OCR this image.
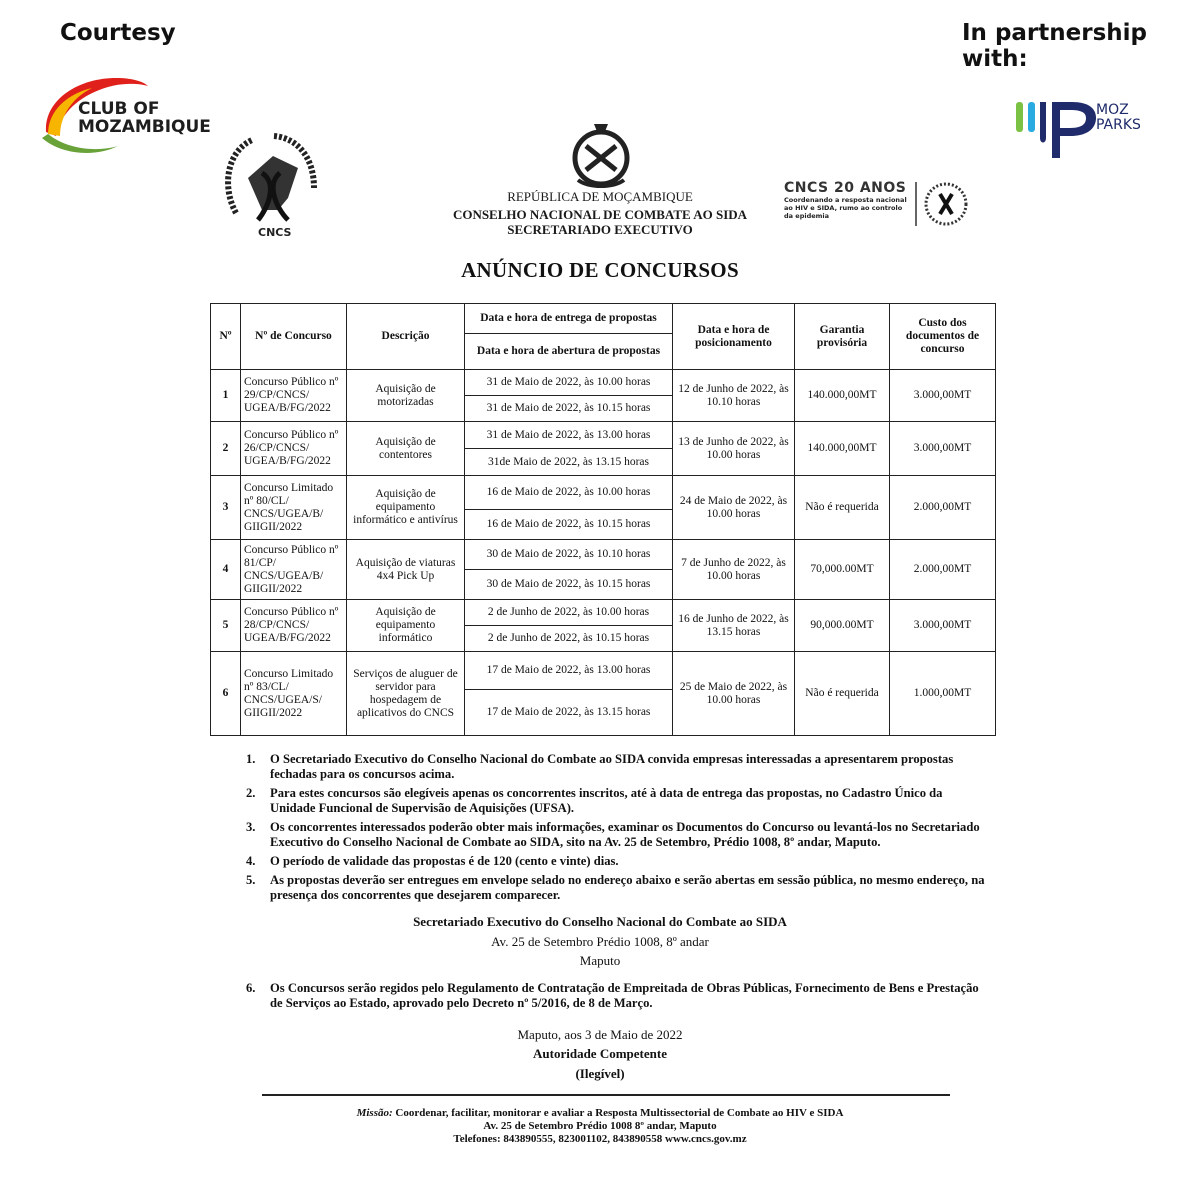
Courtesy	In partnership with:
CLUB OF
MOZAMBIQUE
MOZ
PARKS
CNCS
REPÚBLICA DE MOÇAMBIQUE
CONSELHO NACIONAL DE COMBATE AO SIDA
SECRETARIADO EXECUTIVO
CNCS 20 ANOS
Coordenando a resposta nacional
ao HIV e SIDA, rumo ao controlo
da epidemia
ANÚNCIO DE CONCURSOS
Nº	Nº de Concurso	Descrição	Data e hora de entrega de propostas	Data e hora de posicionamento	Garantia provisória	Custo dos documentos de concurso
			Data e hora de abertura de propostas			
1	Concurso Público nº 29/CP/CNCS/ UGEA/B/FG/2022	Aquisição de motorizadas	31 de Maio de 2022, às 10.00 horas	12 de Junho de 2022, às 10.10 horas	140.000,00MT	3.000,00MT
			31 de Maio de 2022, às 10.15 horas			
2	Concurso Público nº 26/CP/CNCS/ UGEA/B/FG/2022	Aquisição de contentores	31 de Maio de 2022, às 13.00 horas	13 de Junho de 2022, às 10.00 horas	140.000,00MT	3.000,00MT
			31de Maio de 2022, às 13.15 horas			
3	Concurso Limitado nº 80/CL/ CNCS/UGEA/B/ GIIGII/2022	Aquisição de equipamento informático e antivírus	16 de Maio de 2022, às 10.00 horas	24 de Maio de 2022, às 10.00 horas	Não é requerida	2.000,00MT
			16 de Maio de 2022, às 10.15 horas			
4	Concurso Público nº 81/CP/ CNCS/UGEA/B/ GIIGII/2022	Aquisição de viaturas 4x4 Pick Up	30 de Maio de 2022, às 10.10 horas	7 de Junho de 2022, às 10.00 horas	70,000.00MT	2.000,00MT
			30 de Maio de 2022, às 10.15 horas			
5	Concurso Público nº 28/CP/CNCS/ UGEA/B/FG/2022	Aquisição de equipamento informático	2 de Junho de 2022, às 10.00 horas	16 de Junho de 2022, às 13.15 horas	90,000.00MT	3.000,00MT
			2 de Junho de 2022, às 10.15 horas			
6	Concurso Limitado nº 83/CL/ CNCS/UGEA/S/ GIIGII/2022	Serviços de aluguer de servidor para hospedagem de aplicativos do CNCS	17 de Maio de 2022, às 13.00 horas	25 de Maio de 2022, às 10.00 horas	Não é requerida	1.000,00MT
			17 de Maio de 2022, às 13.15 horas			
1.	O Secretariado Executivo do Conselho Nacional do Combate ao SIDA convida empresas interessadas a apresentarem propostas fechadas para os concursos acima.
2.	Para estes concursos são elegíveis apenas os concorrentes inscritos, até à data de entrega das propostas, no Cadastro Único da Unidade Funcional de Supervisão de Aquisições (UFSA).
3.	Os concorrentes interessados poderão obter mais informações, examinar os Documentos do Concurso ou levantá-los no Secretariado Executivo do Conselho Nacional de Combate ao SIDA, sito na Av. 25 de Setembro, Prédio 1008, 8º andar, Maputo.
4.	O período de validade das propostas é de 120 (cento e vinte) dias.
5.	As propostas deverão ser entregues em envelope selado no endereço abaixo e serão abertas em sessão pública, no mesmo endereço, na presença dos concorrentes que desejarem comparecer.
Secretariado Executivo do Conselho Nacional do Combate ao SIDA
Av. 25 de Setembro Prédio 1008, 8º andar
Maputo
6.	Os Concursos serão regidos pelo Regulamento de Contratação de Empreitada de Obras Públicas, Fornecimento de Bens e Prestação de Serviços ao Estado, aprovado pelo Decreto nº 5/2016, de 8 de Março.
Maputo, aos 3 de Maio de 2022
Autoridade Competente
(Ilegível)
Missão: Coordenar, facilitar, monitorar e avaliar a Resposta Multissectorial de Combate ao HIV e SIDA
Av. 25 de Setembro Prédio 1008 8º andar, Maputo
Telefones: 843890555, 823001102, 843890558 www.cncs.gov.mz
